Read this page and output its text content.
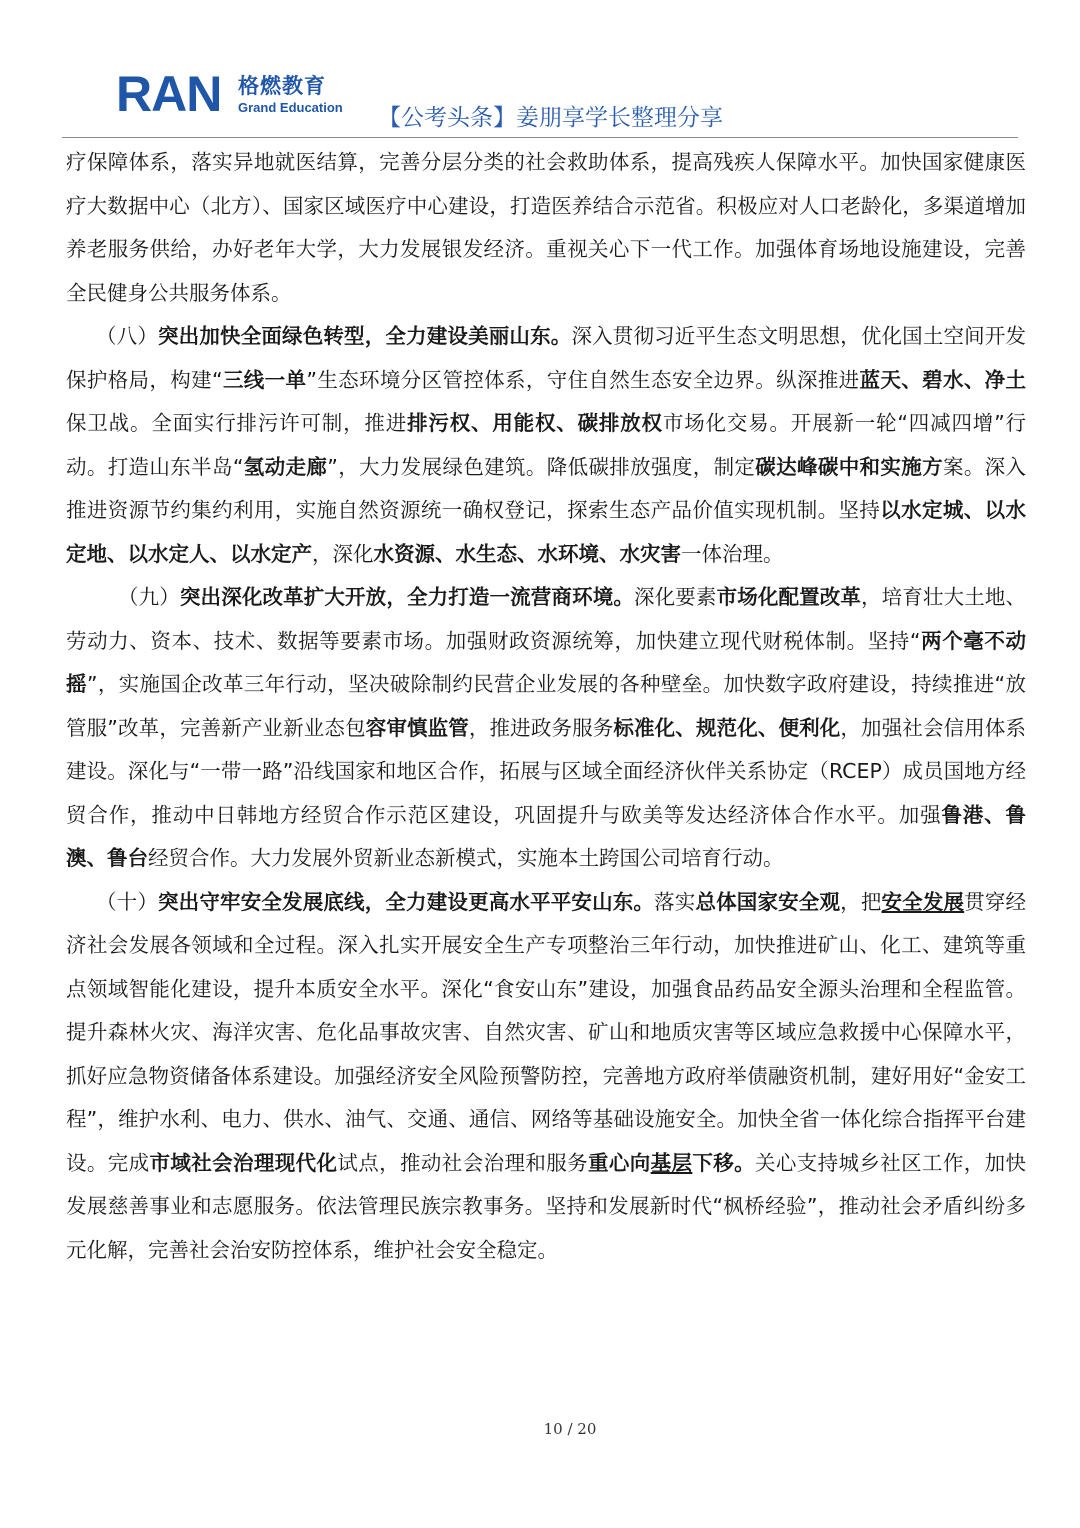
RAN 格燃教育
Grand Education 【公考头条】姜朋享学长整理分享

疗保障体系，落实异地就医结算，完善分层分类的社会救助体系，提高残疾人保障水平。加快国家健康医疗大数据中心（北方）、国家区域医疗中心建设，打造医养结合示范省。积极应对人口老龄化，多渠道增加养老服务供给，办好老年大学，大力发展银发经济。重视关心下一代工作。加强体育场地设施建设，完善全民健身公共服务体系。

（八）突出加快全面绿色转型，全力建设美丽山东。深入贯彻习近平生态文明思想，优化国土空间开发保护格局，构建“三线一单”生态环境分区管控体系，守住自然生态安全边界。纵深推进蓝天、碧水、净土保卫战。全面实行排污许可制，推进排污权、用能权、碳排放权市场化交易。开展新一轮“四减四增”行动。打造山东半岛“氢动走廊”，大力发展绿色建筑。降低碳排放强度，制定碳达峰碳中和实施方案。深入推进资源节约集约利用，实施自然资源统一确权登记，探索生态产品价值实现机制。坚持以水定城、以水定地、以水定人、以水定产，深化水资源、水生态、水环境、水灾害一体治理。

（九）突出深化改革扩大开放，全力打造一流营商环境。深化要素市场化配置改革，培育壮大土地、劳动力、资本、技术、数据等要素市场。加强财政资源统筹，加快建立现代财税体制。坚持“两个毫不动摇”，实施国企改革三年行动，坚决破除制约民营企业发展的各种壁垒。加快数字政府建设，持续推进“放管服”改革，完善新产业新业态包容审慎监管，推进政务服务标准化、规范化、便利化，加强社会信用体系建设。深化与“一带一路”沿线国家和地区合作，拓展与区域全面经济伙伴关系协定（RCEP）成员国地方经贸合作，推动中日韩地方经贸合作示范区建设，巩固提升与欧美等发达经济体合作水平。加强鲁港、鲁澳、鲁台经贸合作。大力发展外贸新业态新模式，实施本土跨国公司培育行动。

（十）突出守牢安全发展底线，全力建设更高水平平安山东。落实总体国家安全观，把安全发展贯穿经济社会发展各领域和全过程。深入扎实开展安全生产专项整治三年行动，加快推进矿山、化工、建筑等重点领域智能化建设，提升本质安全水平。深化“食安山东”建设，加强食品药品安全源头治理和全程监管。提升森林火灾、海洋灾害、危化品事故灾害、自然灾害、矿山和地质灾害等区域应急救援中心保障水平，抓好应急物资储备体系建设。加强经济安全风险预警防控，完善地方政府举债融资机制，建好用好“金安工程”，维护水利、电力、供水、油气、交通、通信、网络等基础设施安全。加快全省一体化综合指挥平台建设。完成市域社会治理现代化试点，推动社会治理和服务重心向基层下移。关心支持城乡社区工作，加快发展慈善事业和志愿服务。依法管理民族宗教事务。坚持和发展新时代“枫桥经验”，推动社会矛盾纠纷多元化解，完善社会治安防控体系，维护社会安全稳定。

10 / 20
